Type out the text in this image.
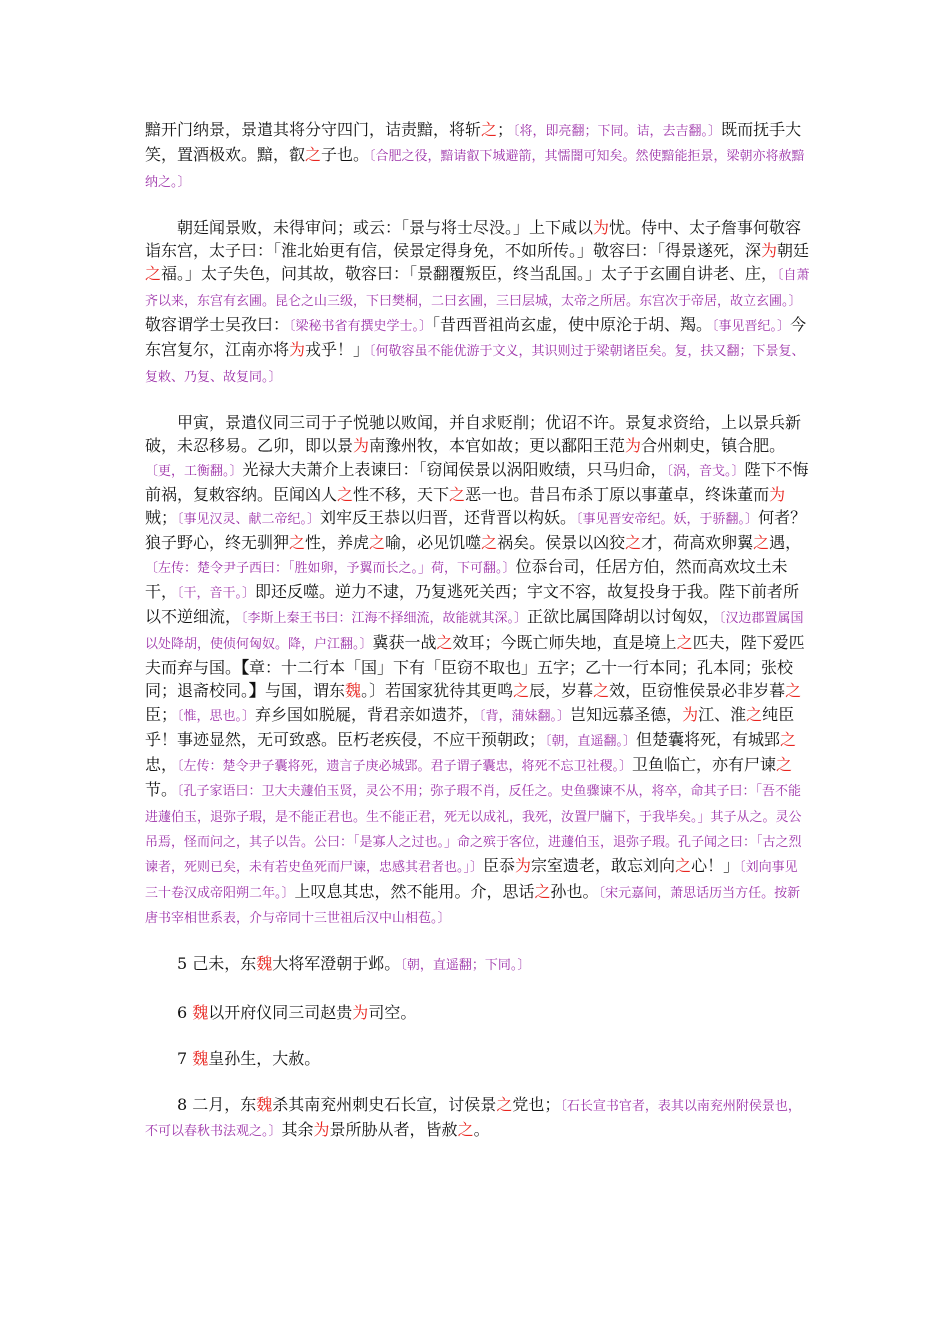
黯开门纳景，景遣其将分守四门，诘责黯，将斩之；〔将，即亮翻；下同。诘，去吉翻。〕既而抚手大笑，置酒极欢。黯，叡之子也。〔合肥之役，黯请叡下城避箭，其懦闇可知矣。然使黯能拒景，梁朝亦将赦黯纳之。〕

朝廷闻景败，未得审问；或云：「景与将士尽没。」上下咸以为忧。侍中、太子詹事何敬容诣东宫，太子曰：「淮北始更有信，侯景定得身免，不如所传。」敬容曰：「得景遂死，深为朝廷之福。」太子失色，问其故，敬容曰：「景翻覆叛臣，终当乱国。」太子于玄圃自讲老、庄，〔自萧齐以来，东宫有玄圃。昆仑之山三级，下曰樊桐，二曰玄圃，三曰层城，太帝之所居。东宫次于帝居，故立玄圃。〕敬容谓学士吴孜曰：〔梁秘书省有撰史学士。〕「昔西晋祖尚玄虚，使中原沦于胡、羯。〔事见晋纪。〕今东宫复尔，江南亦将为戎乎！」〔何敬容虽不能优游于文义，其识则过于梁朝诸臣矣。复，扶又翻；下景复、复敕、乃复、故复同。〕

甲寅，景遣仪同三司于子悦驰以败闻，并自求贬削；优诏不许。景复求资给，上以景兵新破，未忍移易。乙卯，即以景为南豫州牧，本官如故；更以鄱阳王范为合州刺史，镇合肥。〔更，工衡翻。〕光禄大夫萧介上表谏曰：「窃闻侯景以涡阳败绩，只马归命，〔涡，音戈。〕陛下不悔前祸，复敕容纳。臣闻凶人之性不移，天下之恶一也。昔吕布杀丁原以事董卓，终诛董而为贼；〔事见汉灵、献二帝纪。〕刘牢反王恭以归晋，还背晋以构妖。〔事见晋安帝纪。妖，于骄翻。〕何者？狼子野心，终无驯狎之性，养虎之喻，必见饥噬之祸矣。侯景以凶狡之才，荷高欢卵翼之遇，〔左传：楚令尹子西曰：「胜如卵，予翼而长之。」荷，下可翻。〕位忝台司，任居方伯，然而高欢坟土未干，〔干，音干。〕即还反噬。逆力不逮，乃复逃死关西；宇文不容，故复投身于我。陛下前者所以不逆细流，〔李斯上秦王书曰：江海不择细流，故能就其深。〕正欲比属国降胡以讨匈奴，〔汉边郡置属国以处降胡，使侦何匈奴。降，户江翻。〕冀获一战之效耳；今既亡师失地，直是境上之匹夫，陛下爱匹夫而弃与国。【章：十二行本「国」下有「臣窃不取也」五字；乙十一行本同；孔本同；张校同；退斋校同。】与国，谓东魏。〕若国家犹待其更鸣之辰，岁暮之效，臣窃惟侯景必非岁暮之臣；〔惟，思也。〕弃乡国如脱屣，背君亲如遗芥，〔背，蒲妹翻。〕岂知远慕圣德，为江、淮之纯臣乎！事迹显然，无可致惑。臣朽老疾侵，不应干预朝政；〔朝，直遥翻。〕但楚囊将死，有城郢之忠，〔左传：楚令尹子囊将死，遗言子庚必城郢。君子谓子囊忠，将死不忘卫社稷。〕卫鱼临亡，亦有尸谏之节。〔孔子家语曰：卫大夫蘧伯玉贤，灵公不用；弥子瑕不肖，反任之。史鱼骤谏不从，将卒，命其子曰：「吾不能进蘧伯玉，退弥子瑕，是不能正君也。生不能正君，死无以成礼，我死，汝置尸牖下，于我毕矣。」其子从之。灵公吊焉，怪而问之，其子以告。公曰：「是寡人之过也。」命之殡于客位，进蘧伯玉，退弥子瑕。孔子闻之曰：「古之烈谏者，死则已矣，未有若史鱼死而尸谏，忠感其君者也。」〕臣忝为宗室遗老，敢忘刘向之心！」〔刘向事见三十卷汉成帝阳朔二年。〕上叹息其忠，然不能用。介，思话之孙也。〔宋元嘉间，萧思话历当方任。按新唐书宰相世系表，介与帝同十三世祖后汉中山相苞。〕

5 己未，东魏大将军澄朝于邺。〔朝，直遥翻；下同。〕

6 魏以开府仪同三司赵贵为司空。

7 魏皇孙生，大赦。

8 二月，东魏杀其南兖州刺史石长宣，讨侯景之党也；〔石长宣书官者，表其以南兖州附侯景也，不可以春秋书法观之。〕其余为景所胁从者，皆赦之。
